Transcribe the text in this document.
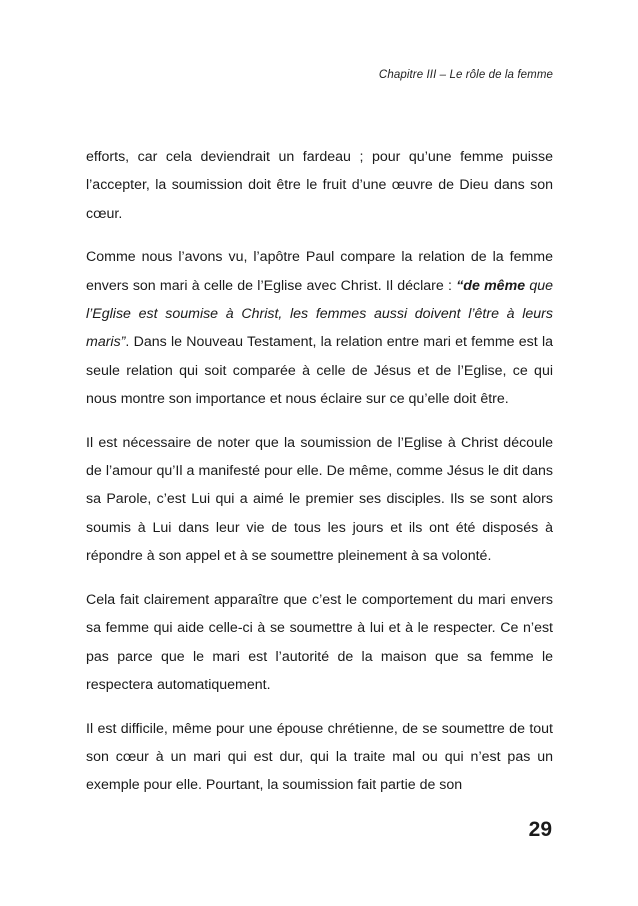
Chapitre III – Le rôle de la femme

efforts, car cela deviendrait un fardeau ; pour qu’une femme puisse l’accepter, la soumission doit être le fruit d’une œuvre de Dieu dans son cœur.

Comme nous l’avons vu, l’apôtre Paul compare la relation de la femme envers son mari à celle de l’Eglise avec Christ. Il déclare : “de même que l’Eglise est soumise à Christ, les femmes aussi doivent l’être à leurs maris”. Dans le Nouveau Testament, la relation entre mari et femme est la seule relation qui soit comparée à celle de Jésus et de l’Eglise, ce qui nous montre son importance et nous éclaire sur ce qu’elle doit être.

Il est nécessaire de noter que la soumission de l’Eglise à Christ découle de l’amour qu’Il a manifesté pour elle. De même, comme Jésus le dit dans sa Parole, c’est Lui qui a aimé le premier ses disciples. Ils se sont alors soumis à Lui dans leur vie de tous les jours et ils ont été disposés à répondre à son appel et à se soumettre pleinement à sa volonté.

Cela fait clairement apparaître que c’est le comportement du mari envers sa femme qui aide celle-ci à se soumettre à lui et à le respecter. Ce n’est pas parce que le mari est l’autorité de la maison que sa femme le respectera automatiquement.

Il est difficile, même pour une épouse chrétienne, de se soumettre de tout son cœur à un mari qui est dur, qui la traite mal ou qui n’est pas un exemple pour elle. Pourtant, la soumission fait partie de son

29
